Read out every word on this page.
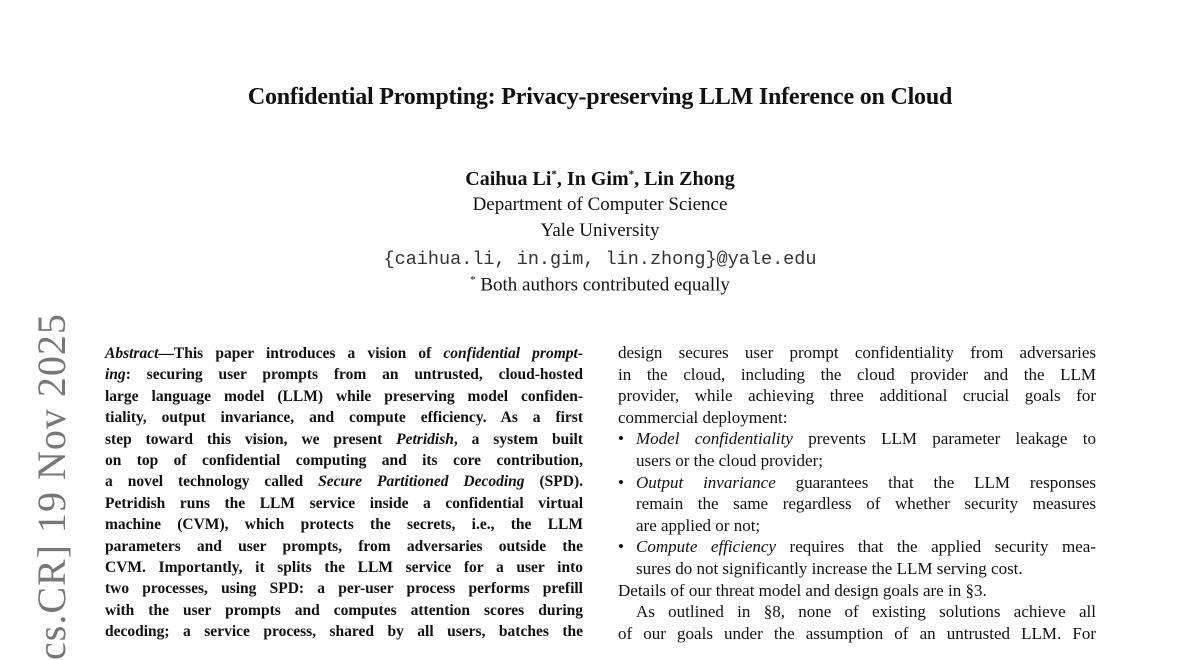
Confidential Prompting: Privacy-preserving LLM Inference on Cloud
Caihua Li*, In Gim*, Lin Zhong
Department of Computer Science
Yale University
{caihua.li, in.gim, lin.zhong}@yale.edu
* Both authors contributed equally
cs.CR] 19 Nov 2025 Abstract—This paper introduces a vision of confidential prompt-
ing: securing user prompts from an untrusted, cloud-hosted
large language model (LLM) while preserving model confiden-
tiality, output invariance, and compute efficiency. As a first
step toward this vision, we present Petridish, a system built
on top of confidential computing and its core contribution,
a novel technology called Secure Partitioned Decoding (SPD).
Petridish runs the LLM service inside a confidential virtual
machine (CVM), which protects the secrets, i.e., the LLM
parameters and user prompts, from adversaries outside the
CVM. Importantly, it splits the LLM service for a user into
two processes, using SPD: a per-user process performs prefill
with the user prompts and computes attention scores during
decoding; a service process, shared by all users, batches the
design secures user prompt confidentiality from adversaries
in the cloud, including the cloud provider and the LLM
provider, while achieving three additional crucial goals for
commercial deployment:
• Model confidentiality prevents LLM parameter leakage to
users or the cloud provider;
• Output invariance guarantees that the LLM responses
remain the same regardless of whether security measures
are applied or not;
• Compute efficiency requires that the applied security mea-
sures do not significantly increase the LLM serving cost.
Details of our threat model and design goals are in §3.
As outlined in §8, none of existing solutions achieve all
of our goals under the assumption of an untrusted LLM. For
